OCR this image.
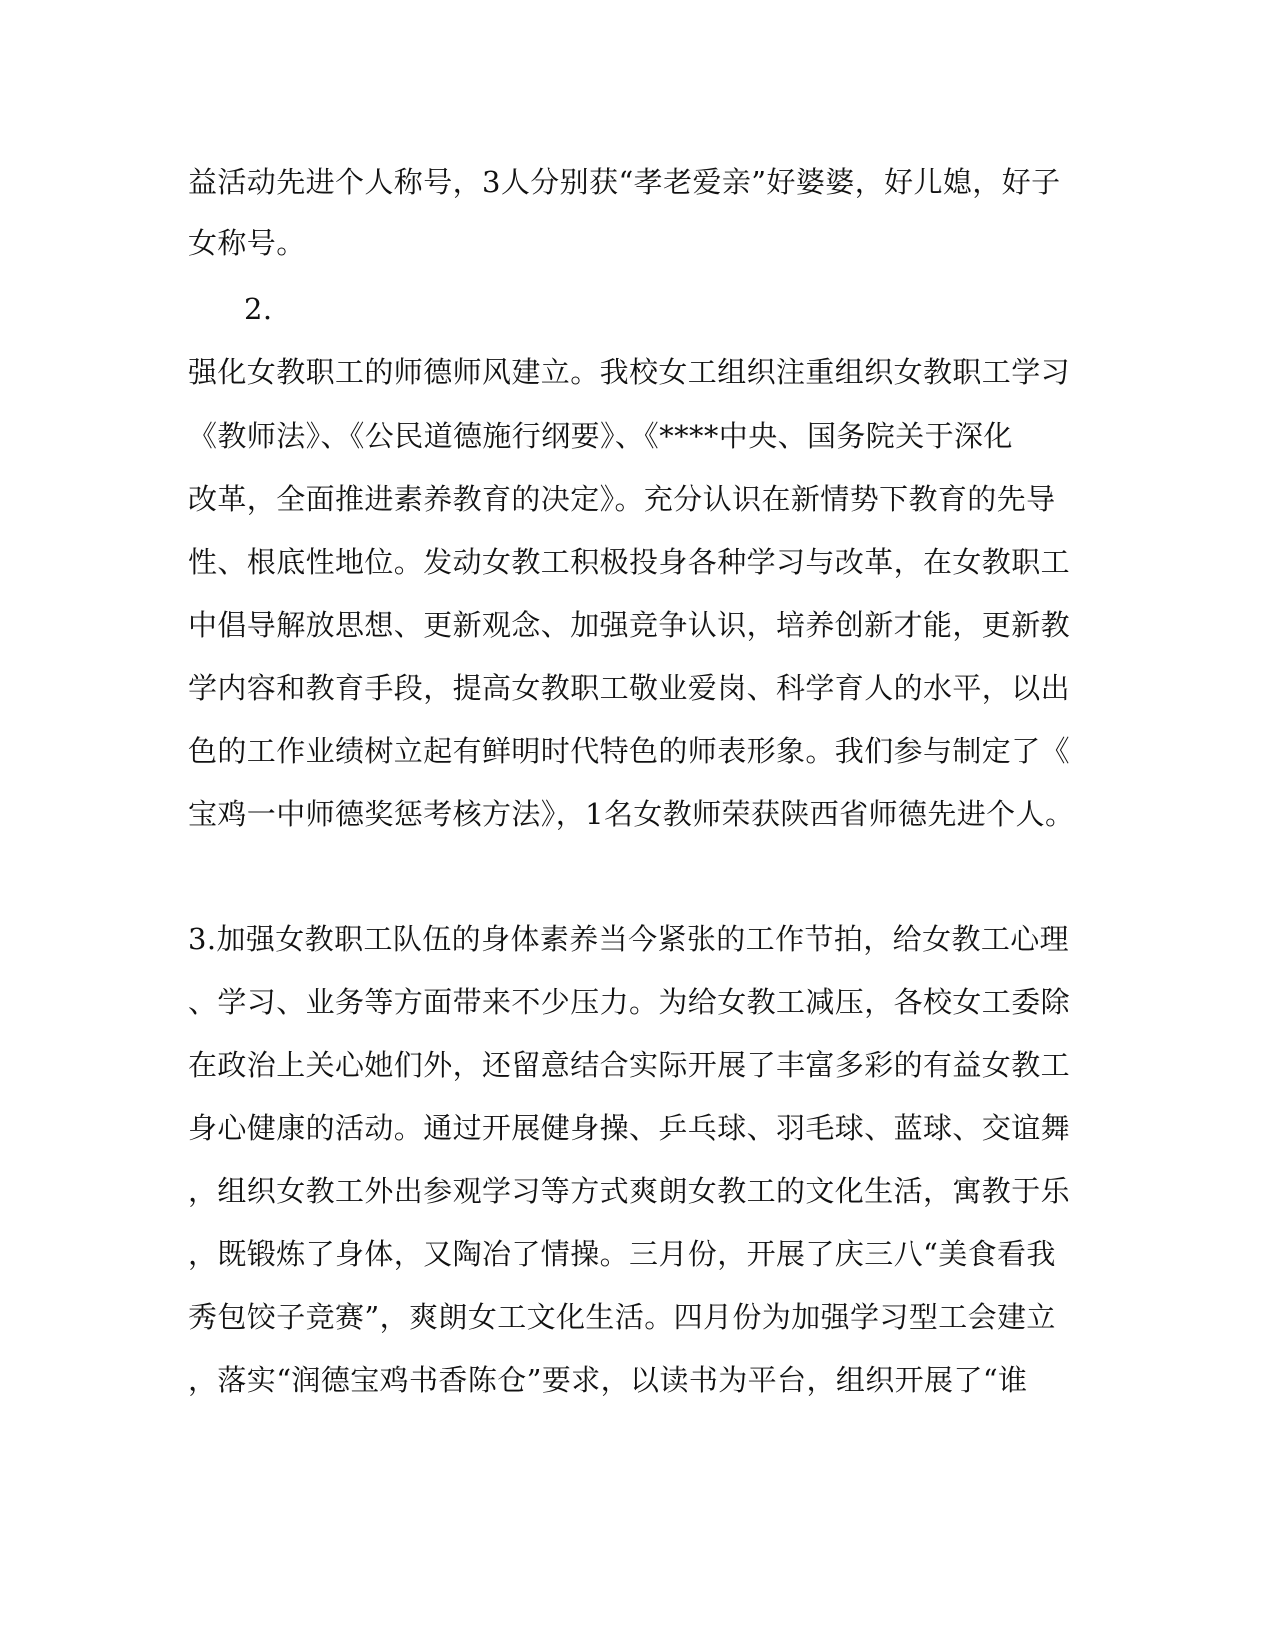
益活动先进个人称号，3人分别获“孝老爱亲”好婆婆，好儿媳，好子
女称号。
2.
强化女教职工的师德师风建立。我校女工组织注重组织女教职工学习
《教师法》、《公民道德施行纲要》、《****中央、国务院关于深化
改革，全面推进素养教育的决定》。充分认识在新情势下教育的先导
性、根底性地位。发动女教工积极投身各种学习与改革，在女教职工
中倡导解放思想、更新观念、加强竞争认识，培养创新才能，更新教
学内容和教育手段，提高女教职工敬业爱岗、科学育人的水平，以出
色的工作业绩树立起有鲜明时代特色的师表形象。我们参与制定了《
宝鸡一中师德奖惩考核方法》，1名女教师荣获陕西省师德先进个人。
3.加强女教职工队伍的身体素养当今紧张的工作节拍，给女教工心理
、学习、业务等方面带来不少压力。为给女教工减压，各校女工委除
在政治上关心她们外，还留意结合实际开展了丰富多彩的有益女教工
身心健康的活动。通过开展健身操、乒乓球、羽毛球、蓝球、交谊舞
，组织女教工外出参观学习等方式爽朗女教工的文化生活，寓教于乐
，既锻炼了身体，又陶冶了情操。三月份，开展了庆三八“美食看我
秀包饺子竞赛”，爽朗女工文化生活。四月份为加强学习型工会建立
，落实“润德宝鸡书香陈仓”要求，以读书为平台，组织开展了“谁
